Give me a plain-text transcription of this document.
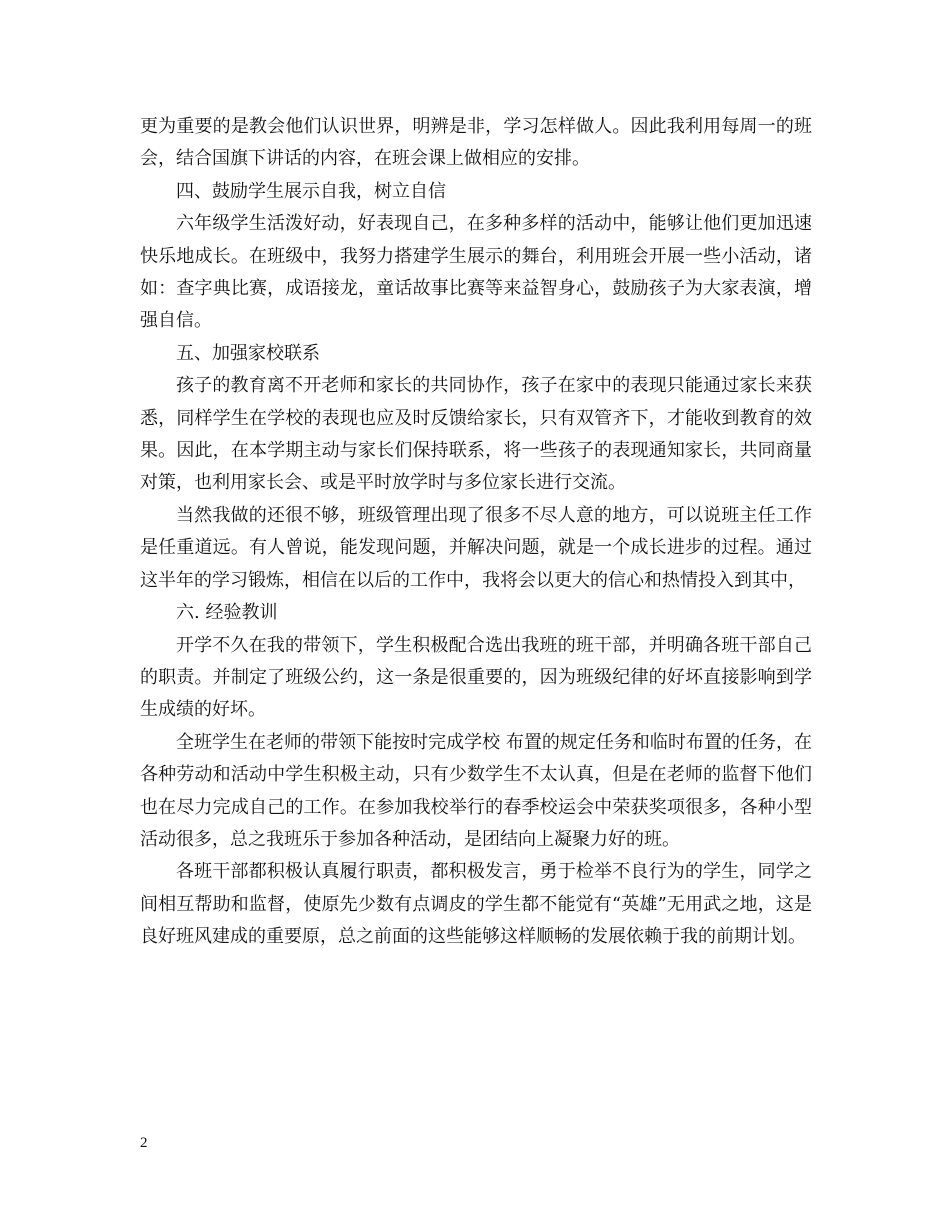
更为重要的是教会他们认识世界，明辨是非，学习怎样做人。因此我利用每周一的班会，结合国旗下讲话的内容，在班会课上做相应的安排。

四、鼓励学生展示自我，树立自信

六年级学生活泼好动，好表现自己，在多种多样的活动中，能够让他们更加迅速快乐地成长。在班级中，我努力搭建学生展示的舞台，利用班会开展一些小活动，诸如：查字典比赛，成语接龙，童话故事比赛等来益智身心，鼓励孩子为大家表演，增强自信。

五、加强家校联系

孩子的教育离不开老师和家长的共同协作，孩子在家中的表现只能通过家长来获悉，同样学生在学校的表现也应及时反馈给家长，只有双管齐下，才能收到教育的效果。因此，在本学期主动与家长们保持联系，将一些孩子的表现通知家长，共同商量对策，也利用家长会、或是平时放学时与多位家长进行交流。

当然我做的还很不够，班级管理出现了很多不尽人意的地方，可以说班主任工作是任重道远。有人曾说，能发现问题，并解决问题，就是一个成长进步的过程。通过这半年的学习锻炼，相信在以后的工作中，我将会以更大的信心和热情投入到其中，

六. 经验教训

开学不久在我的带领下，学生积极配合选出我班的班干部，并明确各班干部自己的职责。并制定了班级公约，这一条是很重要的，因为班级纪律的好坏直接影响到学生成绩的好坏。

全班学生在老师的带领下能按时完成学校 布置的规定任务和临时布置的任务，在各种劳动和活动中学生积极主动，只有少数学生不太认真，但是在老师的监督下他们也在尽力完成自己的工作。在参加我校举行的春季校运会中荣获奖项很多，各种小型活动很多，总之我班乐于参加各种活动，是团结向上凝聚力好的班。

各班干部都积极认真履行职责，都积极发言，勇于检举不良行为的学生，同学之间相互帮助和监督，使原先少数有点调皮的学生都不能觉有“英雄”无用武之地，这是良好班风建成的重要原，总之前面的这些能够这样顺畅的发展依赖于我的前期计划。

2
